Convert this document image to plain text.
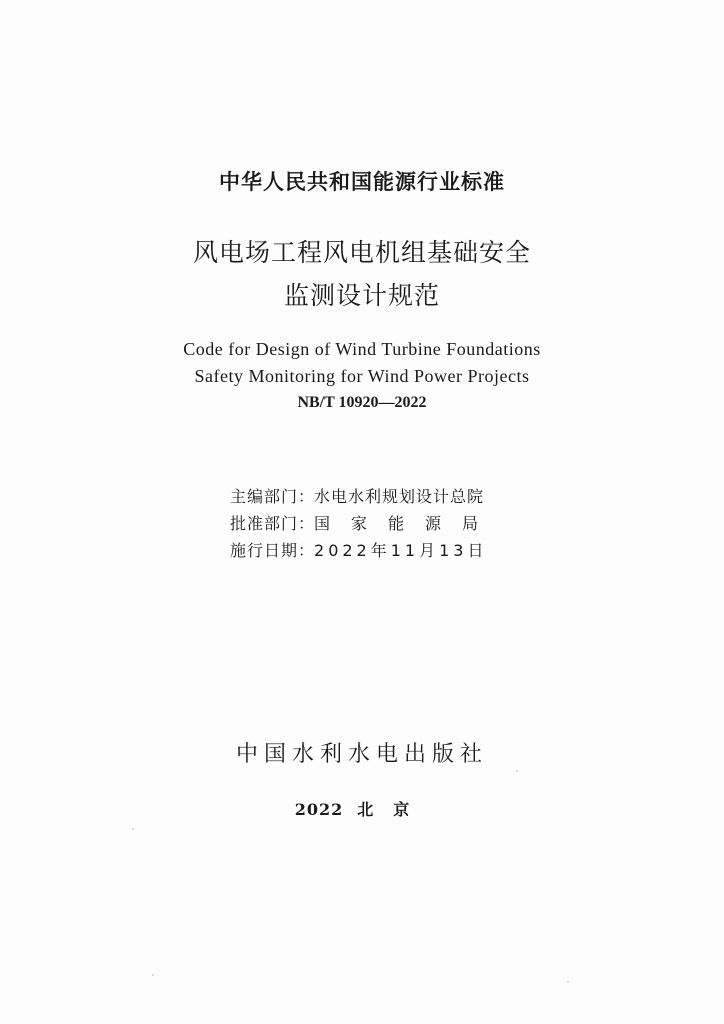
中华人民共和国能源行业标准
风电场工程风电机组基础安全
监测设计规范
Code for Design of Wind Turbine Foundations
Safety Monitoring for Wind Power Projects
NB/T 10920—2022
主编部门：水电水利规划设计总院
批准部门：国家能源局
施行日期：2022年11月13日
中国水利水电出版社
2022 北京
